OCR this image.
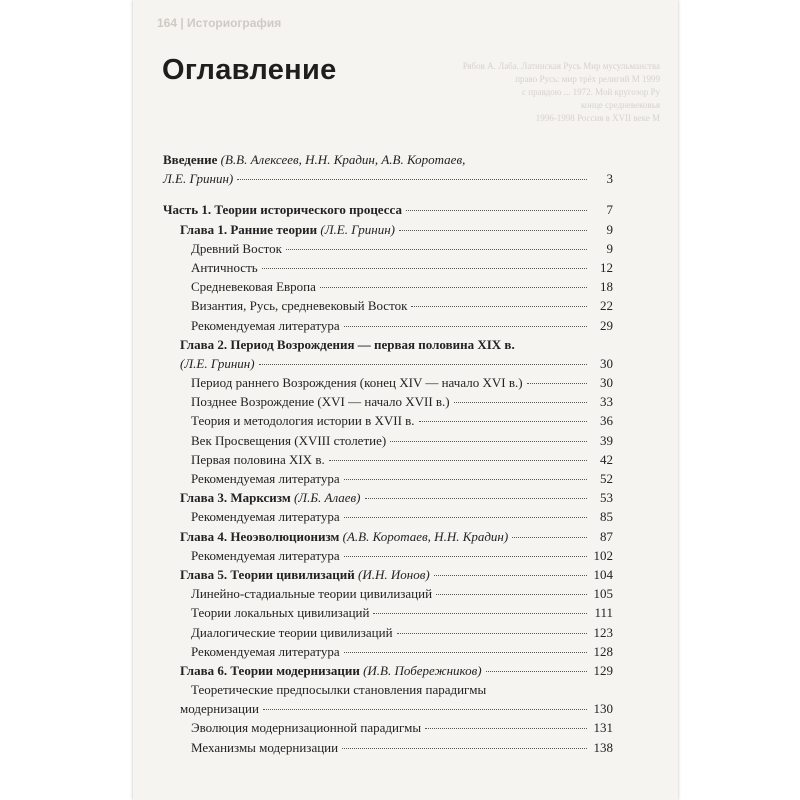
164 | Историография
Рябов А. Лаба. Латинская Русь Мир мусульманства
право Русь: мир трёх религий М 1999
с правдою ... 1972. Мой кругозор Ру
конце средневековья
1996-1998 Россия в XVII веке М
Оглавление
Введение
(В.В. Алексеев, Н.Н. Крадин, А.В. Коротаев,
Л.Е. Гринин)	3
Часть 1. Теории исторического процесса	7
Глава 1. Ранние теории
(Л.Е. Гринин)	9
Древний Восток	9
Античность	12
Средневековая Европа	18
Византия, Русь, средневековый Восток	22
Рекомендуемая литература	29
Глава 2. Период Возрождения — первая половина XIX в.
(Л.Е. Гринин)	30
Период раннего Возрождения (конец XIV — начало XVI в.)	30
Позднее Возрождение (XVI — начало XVII в.)	33
Теория и методология истории в XVII в.	36
Век Просвещения (XVIII столетие)	39
Первая половина XIX в.	42
Рекомендуемая литература	52
Глава 3. Марксизм
(Л.Б. Алаев)	53
Рекомендуемая литература	85
Глава 4. Неоэволюционизм
(А.В. Коротаев, Н.Н. Крадин)	87
Рекомендуемая литература	102
Глава 5. Теории цивилизаций
(И.Н. Ионов)	104
Линейно-стадиальные теории цивилизаций	105
Теории локальных цивилизаций	111
Диалогические теории цивилизаций	123
Рекомендуемая литература	128
Глава 6. Теории модернизации
(И.В. Побережников)	129
Теоретические предпосылки становления парадигмы
модернизации	130
Эволюция модернизационной парадигмы	131
Механизмы модернизации	138
